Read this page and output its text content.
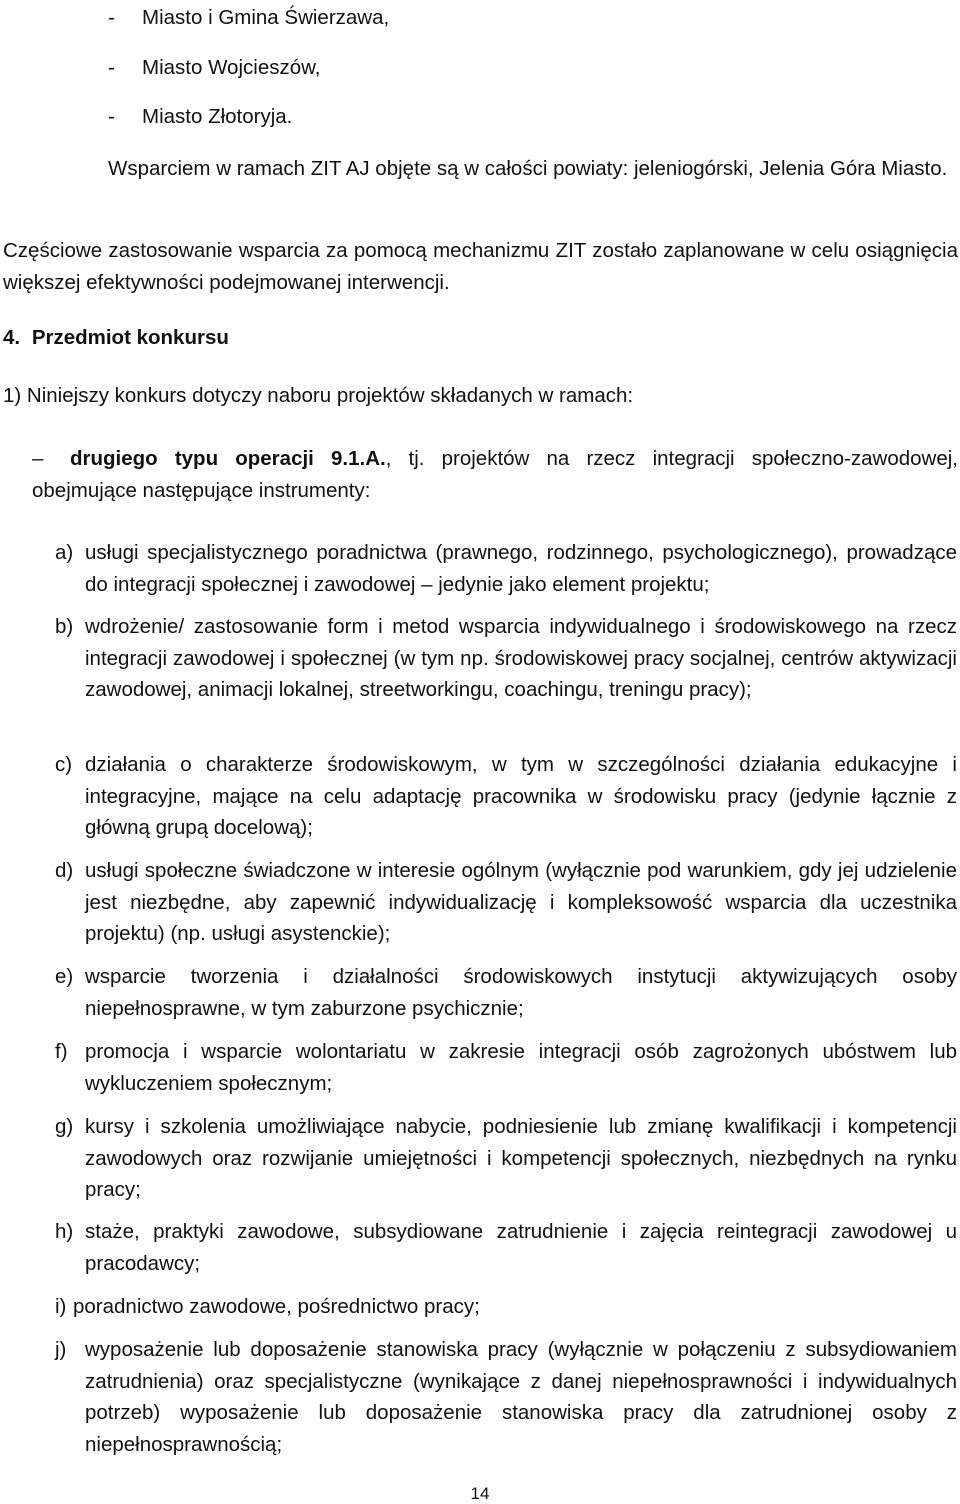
- Miasto i Gmina Świerzawa,
- Miasto Wojcieszów,
- Miasto Złotoryja.
Wsparciem w ramach ZIT AJ objęte są w całości powiaty: jeleniogórski, Jelenia Góra Miasto.
Częściowe zastosowanie wsparcia za pomocą mechanizmu ZIT zostało zaplanowane w celu osiągnięcia większej efektywności podejmowanej interwencji.
4. Przedmiot konkursu
1) Niniejszy konkurs dotyczy naboru projektów składanych w ramach:
– drugiego typu operacji 9.1.A., tj. projektów na rzecz integracji społeczno-zawodowej, obejmujące następujące instrumenty:
a) usługi specjalistycznego poradnictwa (prawnego, rodzinnego, psychologicznego), prowadzące do integracji społecznej i zawodowej – jedynie jako element projektu;
b) wdrożenie/ zastosowanie form i metod wsparcia indywidualnego i środowiskowego na rzecz integracji zawodowej i społecznej (w tym np. środowiskowej pracy socjalnej, centrów aktywizacji zawodowej, animacji lokalnej, streetworkingu, coachingu, treningu pracy);
c) działania o charakterze środowiskowym, w tym w szczególności działania edukacyjne i integracyjne, mające na celu adaptację pracownika w środowisku pracy (jedynie łącznie z główną grupą docelową);
d) usługi społeczne świadczone w interesie ogólnym (wyłącznie pod warunkiem, gdy jej udzielenie jest niezbędne, aby zapewnić indywidualizację i kompleksowość wsparcia dla uczestnika projektu) (np. usługi asystenckie);
e) wsparcie tworzenia i działalności środowiskowych instytucji aktywizujących osoby niepełnosprawne, w tym zaburzone psychicznie;
f) promocja i wsparcie wolontariatu w zakresie integracji osób zagrożonych ubóstwem lub wykluczeniem społecznym;
g) kursy i szkolenia umożliwiające nabycie, podniesienie lub zmianę kwalifikacji i kompetencji zawodowych oraz rozwijanie umiejętności i kompetencji społecznych, niezbędnych na rynku pracy;
h) staże, praktyki zawodowe, subsydiowane zatrudnienie i zajęcia reintegracji zawodowej u pracodawcy;
i) poradnictwo zawodowe, pośrednictwo pracy;
j) wyposażenie lub doposażenie stanowiska pracy (wyłącznie w połączeniu z subsydiowaniem zatrudnienia) oraz specjalistyczne (wynikające z danej niepełnosprawności i indywidualnych potrzeb) wyposażenie lub doposażenie stanowiska pracy dla zatrudnionej osoby z niepełnosprawnością;
14
